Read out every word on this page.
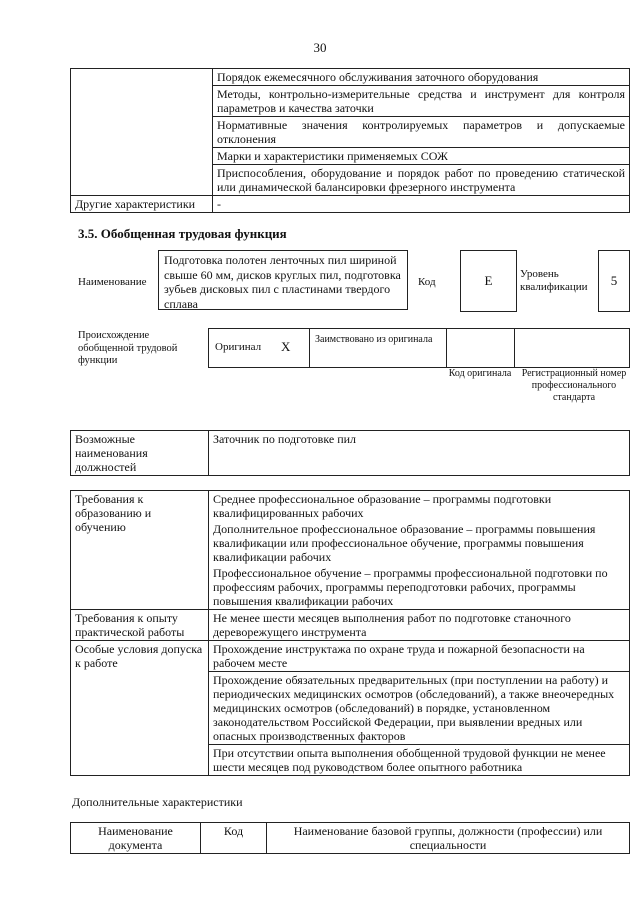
30
	Порядок ежемесячного обслуживания заточного оборудования
	Методы, контрольно-измерительные средства и инструмент для контроля параметров и качества заточки
	Нормативные значения контролируемых параметров и допускаемые отклонения
	Марки и характеристики применяемых СОЖ
	Приспособления, оборудование и порядок работ по проведению статической или динамической балансировки фрезерного инструмента
Другие характеристики	-
3.5. Обобщенная трудовая функция
Наименование
Подготовка полотен ленточных пил шириной свыше 60 мм, дисков круглых пил, подготовка зубьев дисковых пил с пластинами твердого сплава
Код	Е	Уровень квалификации	5
Происхождение обобщенной трудовой функции
Оригинал X Заимствовано из оригинала
Код оригинала	Регистрационный номер профессионального стандарта
Возможные наименования должностей	Заточник по подготовке пил
Требования к образованию и обучению	Среднее профессиональное образование – программы подготовки квалифицированных рабочих
	Дополнительное профессиональное образование – программы повышения квалификации или профессиональное обучение, программы повышения квалификации рабочих
	Профессиональное обучение – программы профессиональной подготовки по профессиям рабочих, программы переподготовки рабочих, программы повышения квалификации рабочих
Требования к опыту практической работы	Не менее шести месяцев выполнения работ по подготовке станочного дереворежущего инструмента
Особые условия допуска к работе	Прохождение инструктажа по охране труда и пожарной безопасности на рабочем месте
	Прохождение обязательных предварительных (при поступлении на работу) и периодических медицинских осмотров (обследований), а также внеочередных медицинских осмотров (обследований) в порядке, установленном законодательством Российской Федерации, при выявлении вредных или опасных производственных факторов
	При отсутствии опыта выполнения обобщенной трудовой функции не менее шести месяцев под руководством более опытного работника
Дополнительные характеристики
Наименование документа	Код	Наименование базовой группы, должности (профессии) или специальности
